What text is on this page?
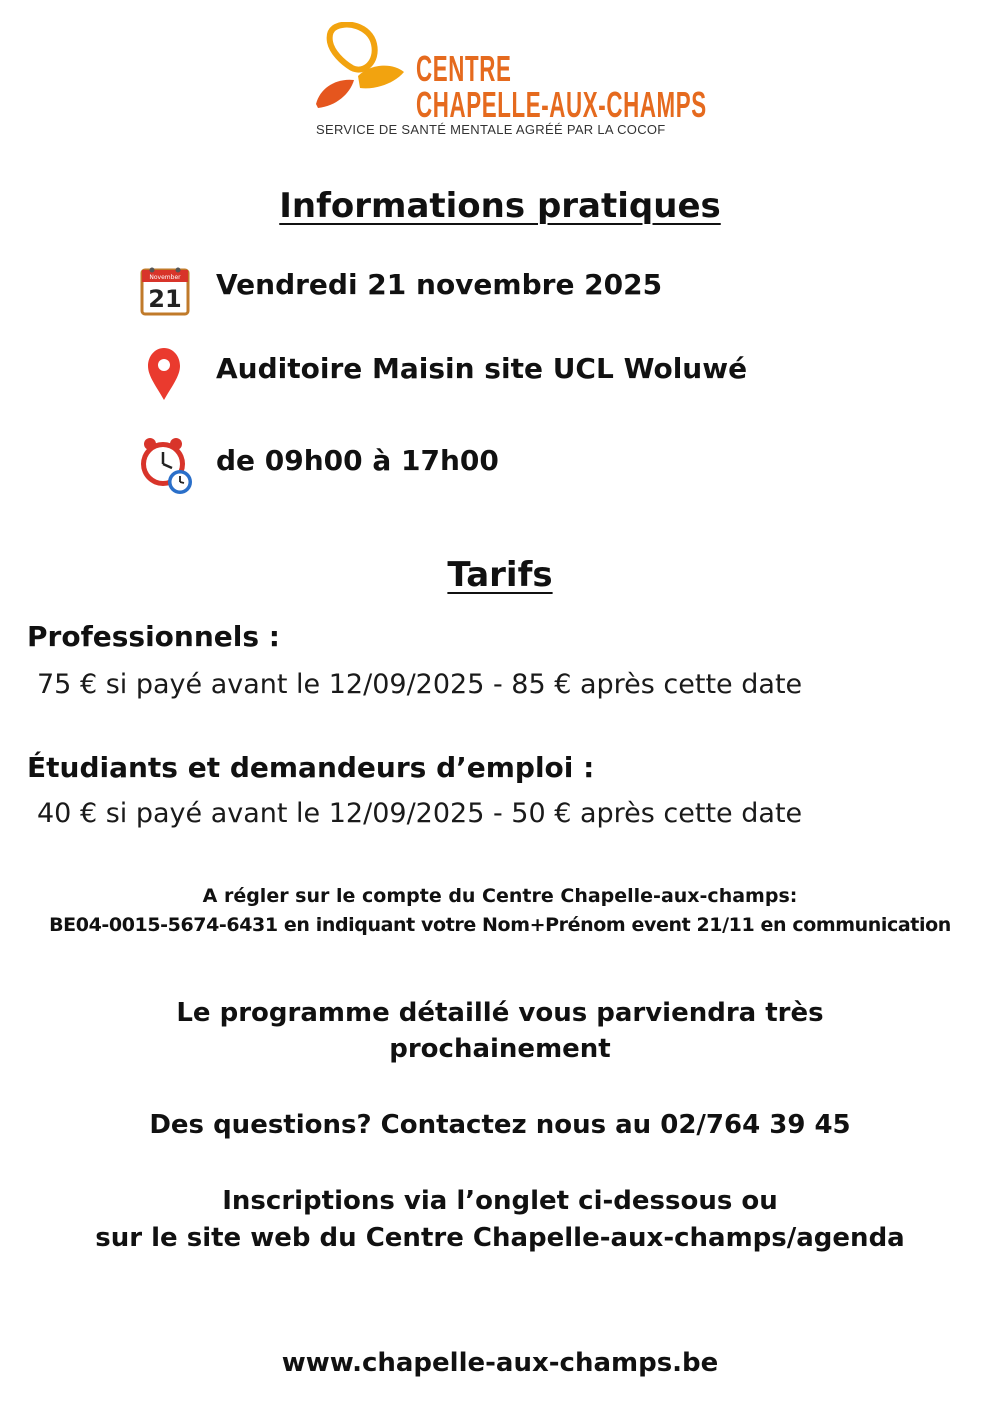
CENTRE
CHAPELLE-AUX-CHAMPS
SERVICE DE SANTÉ MENTALE AGRÉÉ PAR LA COCOF
Informations pratiques
November
21 Vendredi 21 novembre 2025
Auditoire Maisin site UCL Woluwé
de 09h00 à 17h00
Tarifs
Professionnels :
75 € si payé avant le 12/09/2025 - 85 € après cette date
Étudiants et demandeurs d’emploi :
40 € si payé avant le 12/09/2025 - 50 € après cette date
A régler sur le compte du Centre Chapelle-aux-champs:
BE04-0015-5674-6431 en indiquant votre Nom+Prénom event 21/11 en communication
Le programme détaillé vous parviendra très
prochainement
Des questions? Contactez nous au 02/764 39 45
Inscriptions via l’onglet ci-dessous ou
sur le site web du Centre Chapelle-aux-champs/agenda
www.chapelle-aux-champs.be
